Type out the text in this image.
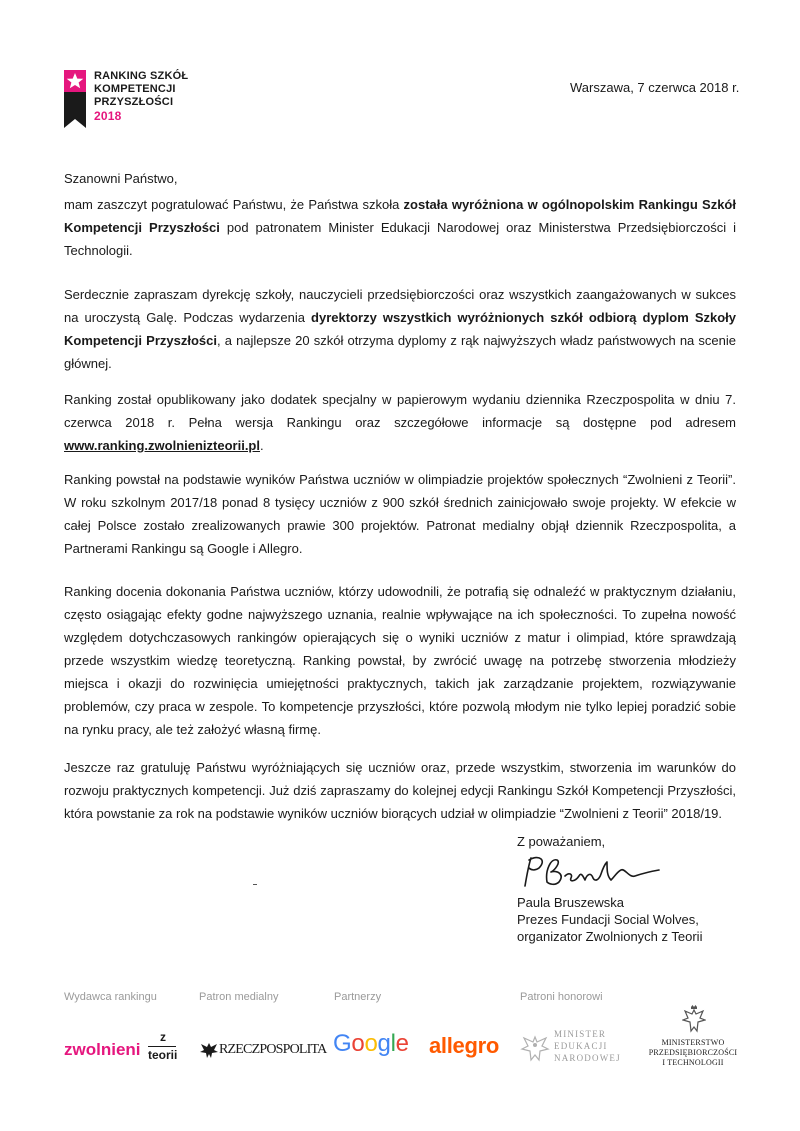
RANKING SZKÓŁ
KOMPETENCJI
PRZYSZŁOŚCI
2018
Warszawa, 7 czerwca 2018 r.
Szanowni Państwo,

mam zaszczyt pogratulować Państwu, że Państwa szkoła została wyróżniona w ogólnopolskim Rankingu Szkół Kompetencji Przyszłości pod patronatem Minister Edukacji Narodowej oraz Ministerstwa Przedsiębiorczości i Technologii.

Serdecznie zapraszam dyrekcję szkoły, nauczycieli przedsiębiorczości oraz wszystkich zaangażowanych w sukces na uroczystą Galę. Podczas wydarzenia dyrektorzy wszystkich wyróżnionych szkół odbiorą dyplom Szkoły Kompetencji Przyszłości, a najlepsze 20 szkół otrzyma dyplomy z rąk najwyższych władz państwowych na scenie głównej.

Ranking został opublikowany jako dodatek specjalny w papierowym wydaniu dziennika Rzeczpospolita w dniu 7. czerwca 2018 r. Pełna wersja Rankingu oraz szczegółowe informacje są dostępne pod adresem www.ranking.zwolnienizteorii.pl.

Ranking powstał na podstawie wyników Państwa uczniów w olimpiadzie projektów społecznych “Zwolnieni z Teorii”. W roku szkolnym 2017/18 ponad 8 tysięcy uczniów z 900 szkół średnich zainicjowało swoje projekty. W efekcie w całej Polsce zostało zrealizowanych prawie 300 projektów. Patronat medialny objął dziennik Rzeczpospolita, a Partnerami Rankingu są Google i Allegro.

Ranking docenia dokonania Państwa uczniów, którzy udowodnili, że potrafią się odnaleźć w praktycznym działaniu, często osiągając efekty godne najwyższego uznania, realnie wpływające na ich społeczności. To zupełna nowość względem dotychczasowych rankingów opierających się o wyniki uczniów z matur i olimpiad, które sprawdzają przede wszystkim wiedzę teoretyczną. Ranking powstał, by zwrócić uwagę na potrzebę stworzenia młodzieży miejsca i okazji do rozwinięcia umiejętności praktycznych, takich jak zarządzanie projektem, rozwiązywanie problemów, czy praca w zespole. To kompetencje przyszłości, które pozwolą młodym nie tylko lepiej poradzić sobie na rynku pracy, ale też założyć własną firmę.

Jeszcze raz gratuluję Państwu wyróżniających się uczniów oraz, przede wszystkim, stworzenia im warunków do rozwoju praktycznych kompetencji. Już dziś zapraszamy do kolejnej edycji Rankingu Szkół Kompetencji Przyszłości, która powstanie za rok na podstawie wyników uczniów biorących udział w olimpiadzie “Zwolnieni z Teorii” 2018/19.

Z poważaniem,
Paula Bruszewska
Prezes Fundacji Social Wolves,
organizator Zwolnionych z Teorii
Wydawca rankingu	Patron medialny	Partnerzy	Patroni honorowi
zwolnieni
z
teorii	RZECZPOSPOLITA Google allegro	MINISTER
EDUKACJI
NARODOWEJ
MINISTERSTWO
PRZEDSIĘBIORCZOŚCI
I TECHNOLOGII
